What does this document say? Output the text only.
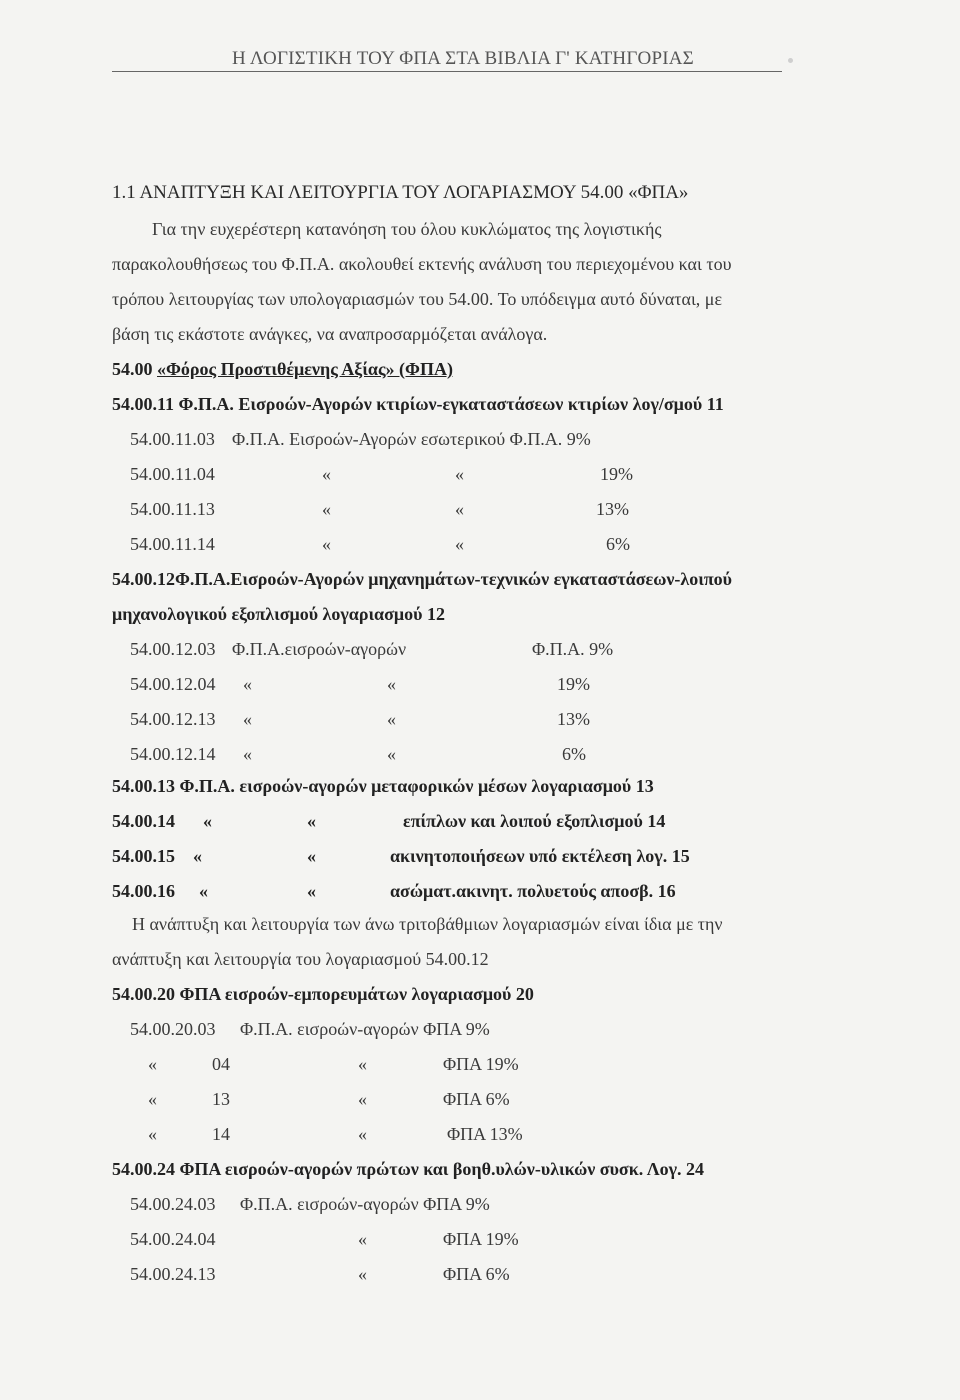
Η ΛΟΓΙΣΤΙΚΗ ΤΟΥ ΦΠΑ ΣΤΑ ΒΙΒΛΙΑ Γ' ΚΑΤΗΓΟΡΙΑΣ
1.1 ΑΝΑΠΤΥΞΗ ΚΑΙ ΛΕΙΤΟΥΡΓΙΑ ΤΟΥ ΛΟΓΑΡΙΑΣΜΟΥ 54.00 «ΦΠΑ»
Για την ευχερέστερη κατανόηση του όλου κυκλώματος της λογιστικής
παρακολουθήσεως του Φ.Π.Α. ακολουθεί εκτενής ανάλυση του περιεχομένου και του
τρόπου λειτουργίας των υπολογαριασμών του 54.00. Το υπόδειγμα αυτό δύναται, με
βάση τις εκάστοτε ανάγκες, να αναπροσαρμόζεται ανάλογα.
54.00 «Φόρος Προστιθέμενης Αξίας» (ΦΠΑ)
54.00.11 Φ.Π.Α. Εισροών-Αγορών κτιρίων-εγκαταστάσεων κτιρίων λογ/σμού 11
54.00.11.03 Φ.Π.Α. Εισροών-Αγορών εσωτερικού Φ.Π.Α. 9%
54.00.11.04	«	«	19%
54.00.11.13	«	«	13%
54.00.11.14	«	«	6%
54.00.12Φ.Π.Α.Εισροών-Αγορών μηχανημάτων-τεχνικών εγκαταστάσεων-λοιπού
μηχανολογικού εξοπλισμού λογαριασμού 12
54.00.12.03 Φ.Π.Α.εισροών-αγορών	Φ.Π.Α. 9%
54.00.12.04 «	«	19%
54.00.12.13 «	«	13%
54.00.12.14 «	«	6%
54.00.13 Φ.Π.Α. εισροών-αγορών μεταφορικών μέσων λογαριασμού 13
54.00.14 «	«	επίπλων και λοιπού εξοπλισμού 14
54.00.15 «	«	ακινητοποιήσεων υπό εκτέλεση λογ. 15
54.00.16 «	«	ασώματ.ακινητ. πολυετούς αποσβ. 16
Η ανάπτυξη και λειτουργία των άνω τριτοβάθμιων λογαριασμών είναι ίδια με την
ανάπτυξη και λειτουργία του λογαριασμού 54.00.12
54.00.20 ΦΠΑ εισροών-εμπορευμάτων λογαριασμού 20
54.00.20.03 Φ.Π.Α. εισροών-αγορών ΦΠΑ 9%
«	04	«	ΦΠΑ 19%
«	13	«	ΦΠΑ 6%
«	14	«	ΦΠΑ 13%
54.00.24 ΦΠΑ εισροών-αγορών πρώτων και βοηθ.υλών-υλικών συσκ. Λογ. 24
54.00.24.03 Φ.Π.Α. εισροών-αγορών ΦΠΑ 9%
54.00.24.04	«	ΦΠΑ 19%
54.00.24.13	«	ΦΠΑ 6%
